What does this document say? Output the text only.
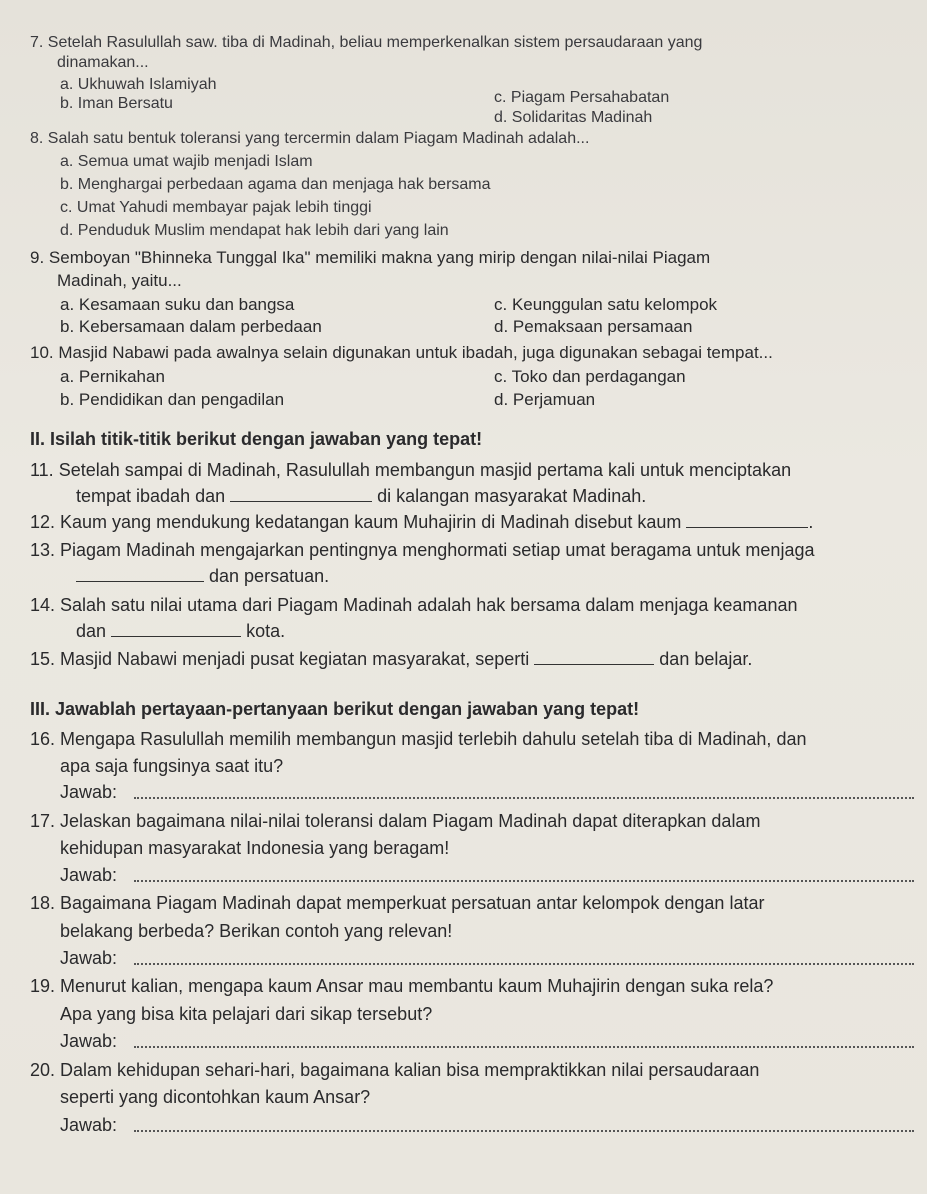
7. Setelah Rasulullah saw. tiba di Madinah, beliau memperkenalkan sistem persaudaraan yang
dinamakan...
a. Ukhuwah Islamiyah
b. Iman Bersatu	c. Piagam Persahabatan
d. Solidaritas Madinah
8. Salah satu bentuk toleransi yang tercermin dalam Piagam Madinah adalah...
a. Semua umat wajib menjadi Islam
b. Menghargai perbedaan agama dan menjaga hak bersama
c. Umat Yahudi membayar pajak lebih tinggi
d. Penduduk Muslim mendapat hak lebih dari yang lain
9. Semboyan "Bhinneka Tunggal Ika" memiliki makna yang mirip dengan nilai-nilai Piagam
Madinah, yaitu...
a. Kesamaan suku dan bangsa
b. Kebersamaan dalam perbedaan
c. Keunggulan satu kelompok
d. Pemaksaan persamaan
10. Masjid Nabawi pada awalnya selain digunakan untuk ibadah, juga digunakan sebagai tempat...
a. Pernikahan
b. Pendidikan dan pengadilan
c. Toko dan perdagangan
d. Perjamuan
II. Isilah titik-titik berikut dengan jawaban yang tepat!
11. Setelah sampai di Madinah, Rasulullah membangun masjid pertama kali untuk menciptakan
tempat ibadah dan	di kalangan masyarakat Madinah.
12. Kaum yang mendukung kedatangan kaum Muhajirin di Madinah disebut kaum	.
13. Piagam Madinah mengajarkan pentingnya menghormati setiap umat beragama untuk menjaga
dan persatuan.
14. Salah satu nilai utama dari Piagam Madinah adalah hak bersama dalam menjaga keamanan
dan	kota.
15. Masjid Nabawi menjadi pusat kegiatan masyarakat, seperti	dan belajar.
III. Jawablah pertayaan-pertanyaan berikut dengan jawaban yang tepat!
16. Mengapa Rasulullah memilih membangun masjid terlebih dahulu setelah tiba di Madinah, dan
apa saja fungsinya saat itu?
Jawab:
17. Jelaskan bagaimana nilai-nilai toleransi dalam Piagam Madinah dapat diterapkan dalam
kehidupan masyarakat Indonesia yang beragam!
Jawab:
18. Bagaimana Piagam Madinah dapat memperkuat persatuan antar kelompok dengan latar
belakang berbeda? Berikan contoh yang relevan!
Jawab:
19. Menurut kalian, mengapa kaum Ansar mau membantu kaum Muhajirin dengan suka rela?
Apa yang bisa kita pelajari dari sikap tersebut?
Jawab:
20. Dalam kehidupan sehari-hari, bagaimana kalian bisa mempraktikkan nilai persaudaraan
seperti yang dicontohkan kaum Ansar?
Jawab:
